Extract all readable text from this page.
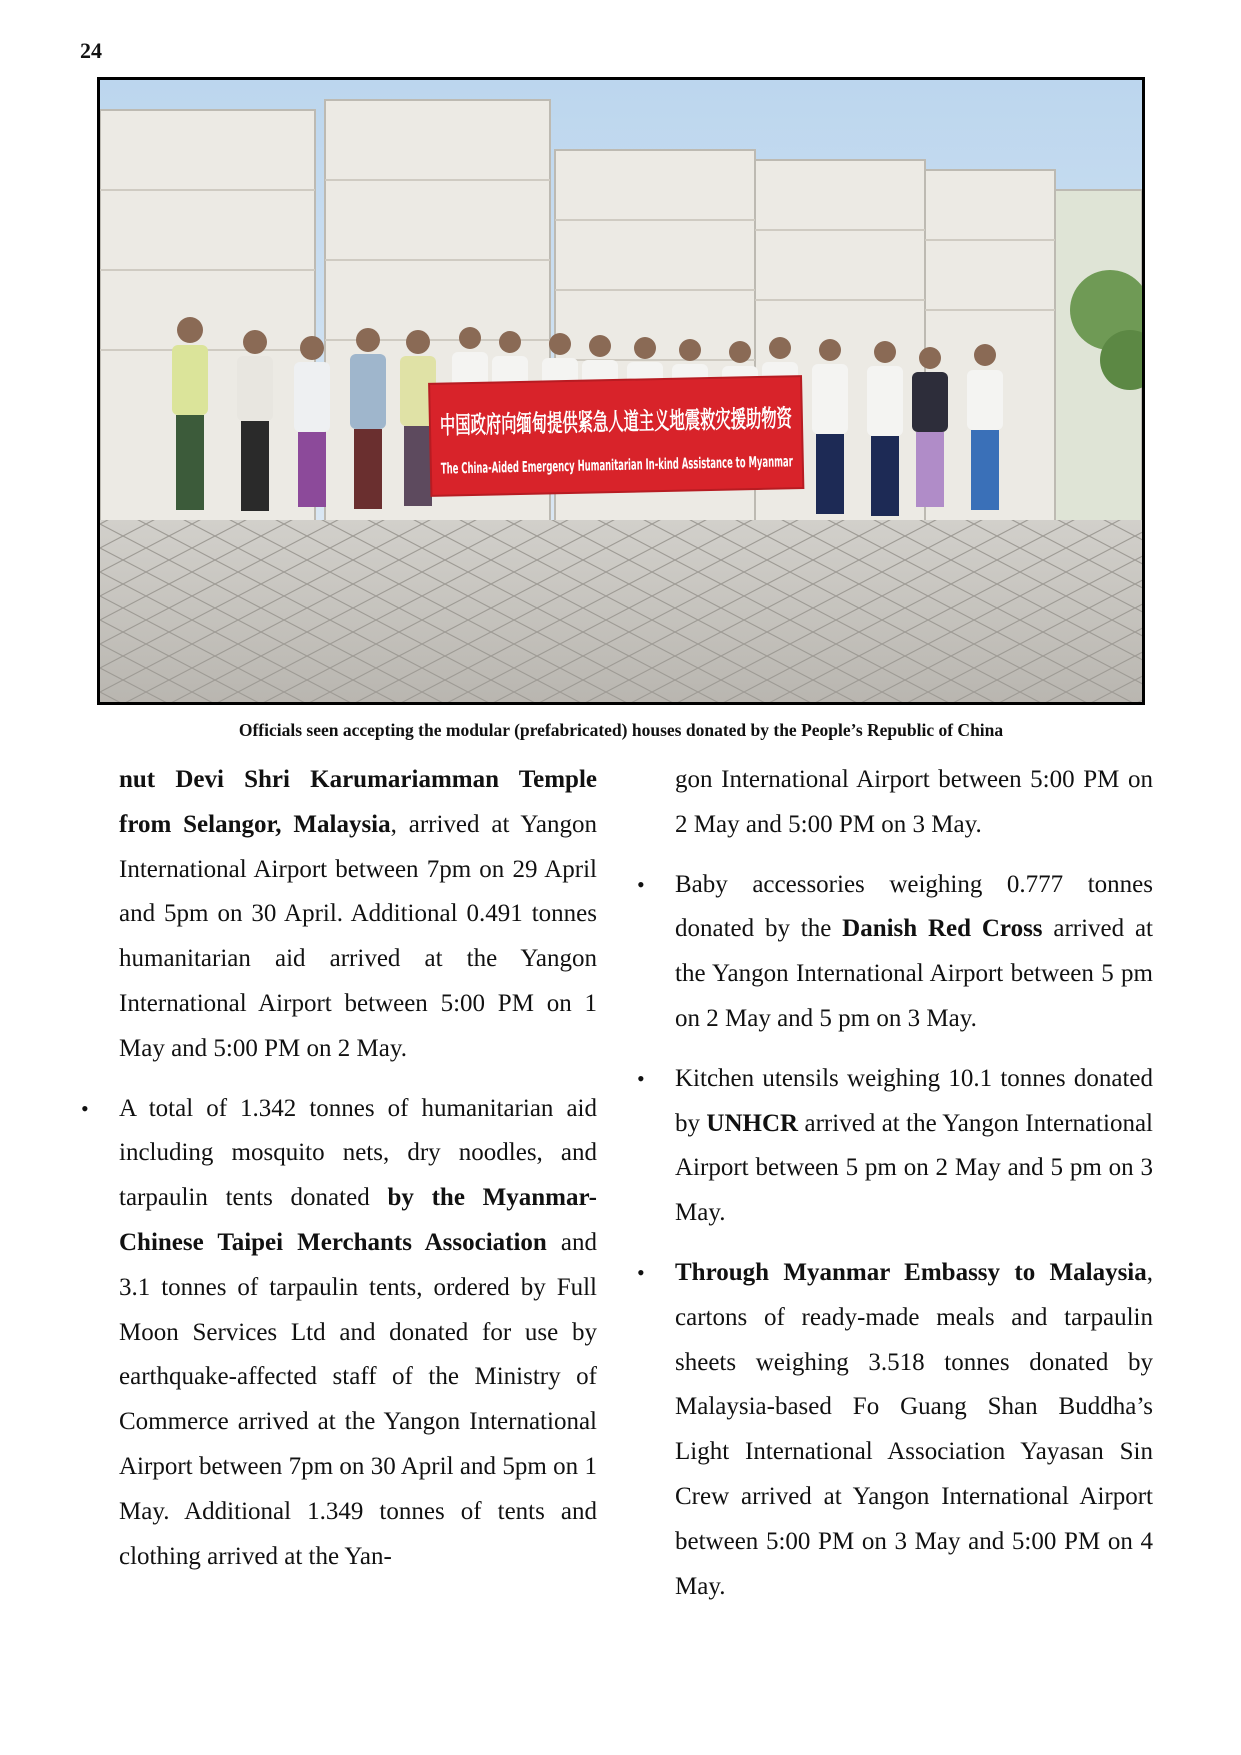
24
中国政府向缅甸提供紧急人道主义地震救灾援助物资
The China-Aided Emergency Humanitarian In-kind Assistance to Myanmar
Officials seen accepting the modular (prefabricated) houses donated by the People’s Republic of China

nut Devi Shri Karumariamman Temple from Selangor, Malaysia, arrived at Yangon International Airport between 7pm on 29 April and 5pm on 30 April. Additional 0.491 tonnes humanitarian aid arrived at the Yangon International Airport between 5:00 PM on 1 May and 5:00 PM on 2 May.

• A total of 1.342 tonnes of humanitarian aid including mosquito nets, dry noodles, and tarpaulin tents donated by the Myanmar- Chinese Taipei Merchants Association and 3.1 tonnes of tarpaulin tents, ordered by Full Moon Services Ltd and donated for use by earthquake-affected staff of the Ministry of Commerce arrived at the Yangon International Airport between 7pm on 30 April and 5pm on 1 May. Additional 1.349 tonnes of tents and clothing arrived at the Yan-

gon International Airport between 5:00 PM on 2 May and 5:00 PM on 3 May.

• Baby accessories weighing 0.777 tonnes donated by the Danish Red Cross arrived at the Yangon International Airport between 5 pm on 2 May and 5 pm on 3 May.

• Kitchen utensils weighing 10.1 tonnes donated by UNHCR arrived at the Yangon International Airport between 5 pm on 2 May and 5 pm on 3 May.

• Through Myanmar Embassy to Malaysia, cartons of ready-made meals and tarpaulin sheets weighing 3.518 tonnes donated by Malaysia-based Fo Guang Shan Buddha’s Light International Association Yayasan Sin Crew arrived at Yangon International Airport between 5:00 PM on 3 May and 5:00 PM on 4 May.
